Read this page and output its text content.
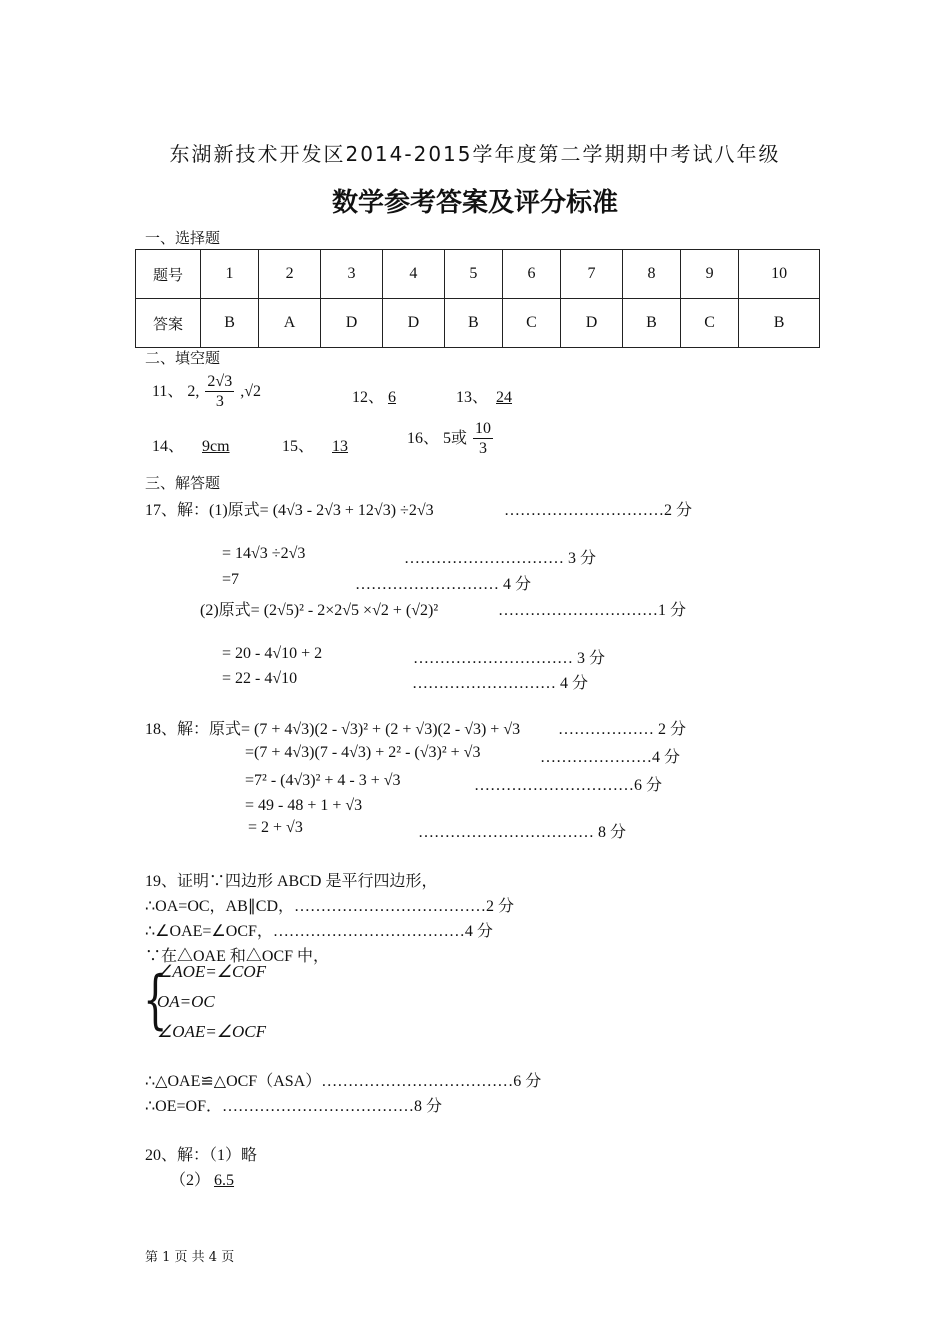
东湖新技术开发区2014-2015学年度第二学期期中考试八年级
数学参考答案及评分标准
一、选择题
题号	1	2	3	4	5	6	7	8	9	10
答案	B	A	D	D	B	C	D	B	C	B
二、填空题
11、 2, $\frac{2√3}{3} ,√2$	12、 6	13、 24
14、 9cm	15、 13	16、 5或 $\frac{10}{3}$
三、解答题
17、解：(1)原式= (4√3 - 2√3 + 12√3) ÷2√3	…………………………2 分
= 14√3 ÷2√3	………………………… 3 分
=7	……………………… 4 分
(2)原式= (2√5)² - 2×2√5 ×√2 + (√2)²	…………………………1 分
= 20 - 4√10 + 2	………………………… 3 分
= 22 - 4√10	……………………… 4 分
18、解：原式= (7 + 4√3)(2 - √3)² + (2 + √3)(2 - √3) + √3 ……………… 2 分
=(7 + 4√3)(7 - 4√3) + 2² - (√3)² + √3	…………………4 分
=7² - (4√3)² + 4 - 3 + √3	…………………………6 分
= 49 - 48 + 1 + √3
= 2 + √3	…………………………… 8 分
19、证明∵四边形 ABCD 是平行四边形，
∴OA=OC，AB∥CD，………………………………2 分
∴∠OAE=∠OCF，………………………………4 分
∵在△OAE 和△OCF 中，
{
∠AOE=∠COF
OA=OC
∠OAE=∠OCF
∴△OAE≌△OCF（ASA）………………………………6 分
∴OE=OF．………………………………8 分
20、解：（1）略
（2） 6.5
第 1 页 共 4 页
